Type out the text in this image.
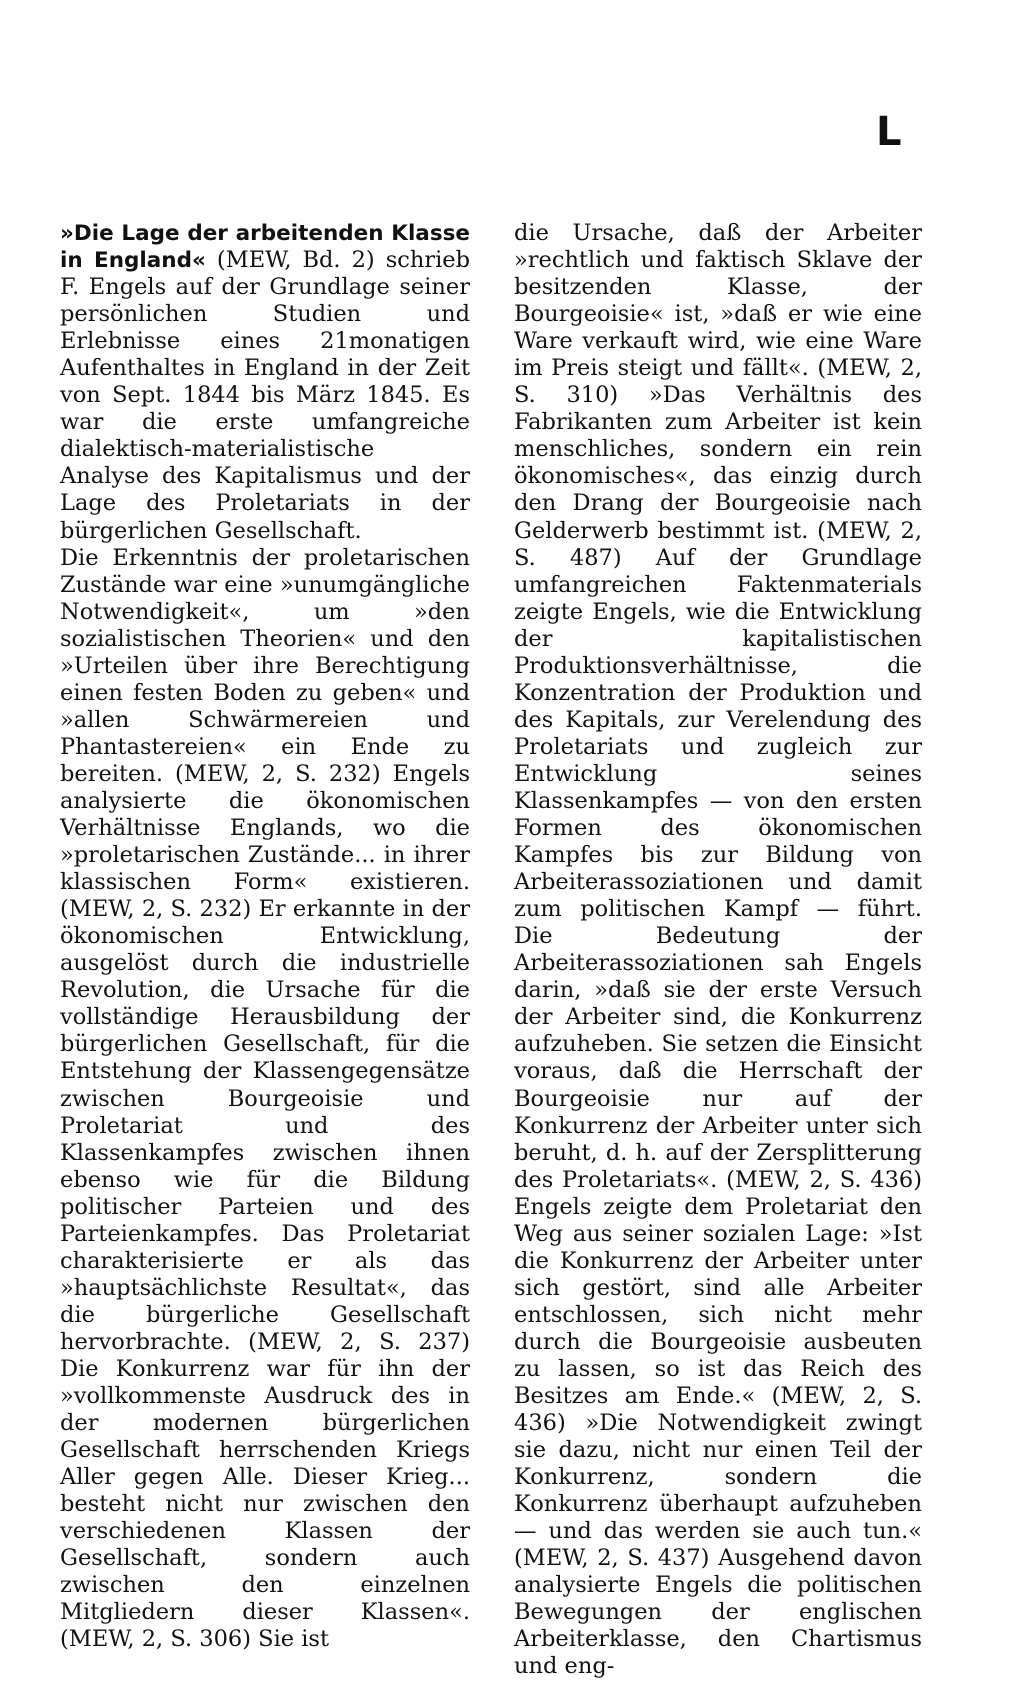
L

»Die Lage der arbeitenden Klasse in England« (MEW, Bd. 2) schrieb F. Engels auf der Grundlage seiner persönlichen Studien und Erlebnisse eines 21monatigen Aufenthaltes in England in der Zeit von Sept. 1844 bis März 1845. Es war die erste umfangreiche dialektisch-materialistische Analyse des Kapitalismus und der Lage des Proletariats in der bürgerlichen Gesellschaft.

Die Erkenntnis der proletarischen Zustände war eine »unumgängliche Notwendigkeit«, um »den sozialistischen Theorien« und den »Urteilen über ihre Berechtigung einen festen Boden zu geben« und »allen Schwärmereien und Phantastereien« ein Ende zu bereiten. (MEW, 2, S. 232) Engels analysierte die ökonomischen Verhältnisse Englands, wo die »proletarischen Zustände... in ihrer klassischen Form« existieren. (MEW, 2, S. 232) Er erkannte in der ökonomischen Entwicklung, ausgelöst durch die industrielle Revolution, die Ursache für die vollständige Herausbildung der bürgerlichen Gesellschaft, für die Entstehung der Klassengegensätze zwischen Bourgeoisie und Proletariat und des Klassenkampfes zwischen ihnen ebenso wie für die Bildung politischer Parteien und des Parteienkampfes. Das Proletariat charakterisierte er als das »hauptsächlichste Resultat«, das die bürgerliche Gesellschaft hervorbrachte. (MEW, 2, S. 237) Die Konkurrenz war für ihn der »vollkommenste Ausdruck des in der modernen bürgerlichen Gesellschaft herrschenden Kriegs Aller gegen Alle. Dieser Krieg... besteht nicht nur zwischen den verschiedenen Klassen der Gesellschaft, sondern auch zwischen den einzelnen Mitgliedern dieser Klassen«. (MEW, 2, S. 306) Sie ist

die Ursache, daß der Arbeiter »rechtlich und faktisch Sklave der besitzenden Klasse, der Bourgeoisie« ist, »daß er wie eine Ware verkauft wird, wie eine Ware im Preis steigt und fällt«. (MEW, 2, S. 310) »Das Verhältnis des Fabrikanten zum Arbeiter ist kein menschliches, sondern ein rein ökonomisches«, das einzig durch den Drang der Bourgeoisie nach Gelderwerb bestimmt ist. (MEW, 2, S. 487) Auf der Grundlage umfangreichen Faktenmaterials zeigte Engels, wie die Entwicklung der kapitalistischen Produktionsverhältnisse, die Konzentration der Produktion und des Kapitals, zur Verelendung des Proletariats und zugleich zur Entwicklung seines Klassenkampfes — von den ersten Formen des ökonomischen Kampfes bis zur Bildung von Arbeiterassoziationen und damit zum politischen Kampf — führt. Die Bedeutung der Arbeiterassoziationen sah Engels darin, »daß sie der erste Versuch der Arbeiter sind, die Konkurrenz aufzuheben. Sie setzen die Einsicht voraus, daß die Herrschaft der Bourgeoisie nur auf der Konkurrenz der Arbeiter unter sich beruht, d. h. auf der Zersplitterung des Proletariats«. (MEW, 2, S. 436) Engels zeigte dem Proletariat den Weg aus seiner sozialen Lage: »Ist die Konkurrenz der Arbeiter unter sich gestört, sind alle Arbeiter entschlossen, sich nicht mehr durch die Bourgeoisie ausbeuten zu lassen, so ist das Reich des Besitzes am Ende.« (MEW, 2, S. 436) »Die Notwendigkeit zwingt sie dazu, nicht nur einen Teil der Konkurrenz, sondern die Konkurrenz überhaupt aufzuheben — und das werden sie auch tun.« (MEW, 2, S. 437) Ausgehend davon analysierte Engels die politischen Bewegungen der englischen Arbeiterklasse, den Chartismus und eng-
